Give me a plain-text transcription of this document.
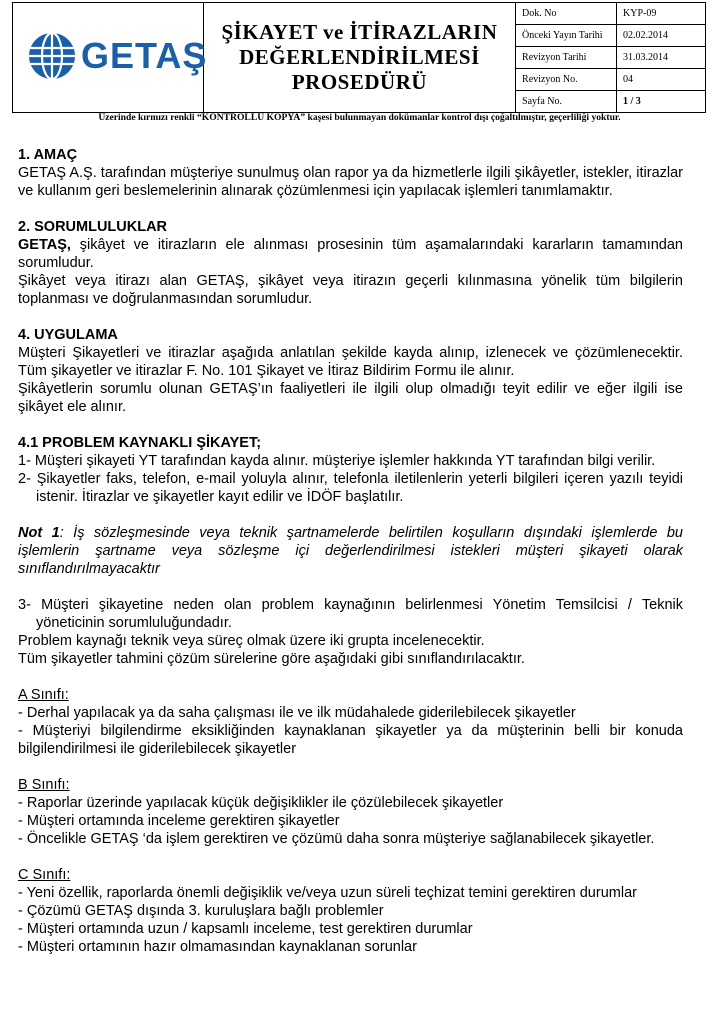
GETAŞ

ŞİKAYET ve İTİRAZLARIN
DEĞERLENDİRİLMESİ
PROSEDÜRÜ

Dok. No	KYP-09
Önceki Yayın Tarihi	02.02.2014
Revizyon Tarihi	31.03.2014
Revizyon No.	04
Sayfa No.	1 / 3
Üzerinde kırmızı renkli “KONTROLLÜ KOPYA” kaşesi bulunmayan dokümanlar kontrol dışı çoğaltılmıştır, geçerliliği yoktur.

1. AMAÇ

GETAŞ A.Ş. tarafından müşteriye sunulmuş olan rapor ya da hizmetlerle ilgili şikâyetler, istekler, itirazlar ve kullanım geri beslemelerinin alınarak çözümlenmesi için yapılacak işlemleri tanımlamaktır.

2. SORUMLULUKLAR

GETAŞ, şikâyet ve itirazların ele alınması prosesinin tüm aşamalarındaki kararların tamamından sorumludur.

Şikâyet veya itirazı alan GETAŞ, şikâyet veya itirazın geçerli kılınmasına yönelik tüm bilgilerin toplanması ve doğrulanmasından sorumludur.

4. UYGULAMA

Müşteri Şikayetleri ve itirazlar aşağıda anlatılan şekilde kayda alınıp, izlenecek ve çözümlenecektir. Tüm şikayetler ve itirazlar F. No. 101 Şikayet ve İtiraz Bildirim Formu ile alınır.

Şikâyetlerin sorumlu olunan GETAŞ’ın faaliyetleri ile ilgili olup olmadığı teyit edilir ve eğer ilgili ise şikâyet ele alınır.

4.1 PROBLEM KAYNAKLI ŞİKAYET;

1- Müşteri şikayeti YT tarafından kayda alınır. müşteriye işlemler hakkında YT tarafından bilgi verilir.

2- Şikayetler faks, telefon, e-mail yoluyla alınır, telefonla iletilenlerin yeterli bilgileri içeren yazılı teyidi istenir. İtirazlar ve şikayetler kayıt edilir ve İDÖF başlatılır.

Not 1: İş sözleşmesinde veya teknik şartnamelerde belirtilen koşulların dışındaki işlemlerde bu işlemlerin şartname veya sözleşme içi değerlendirilmesi istekleri müşteri şikayeti olarak sınıflandırılmayacaktır

3- Müşteri şikayetine neden olan problem kaynağının belirlenmesi Yönetim Temsilcisi / Teknik yöneticinin sorumluluğundadır.

Problem kaynağı teknik veya süreç olmak üzere iki grupta incelenecektir.

Tüm şikayetler tahmini çözüm sürelerine göre aşağıdaki gibi sınıflandırılacaktır.

A Sınıfı:

- Derhal yapılacak ya da saha çalışması ile ve ilk müdahalede giderilebilecek şikayetler

- Müşteriyi bilgilendirme eksikliğinden kaynaklanan şikayetler ya da müşterinin belli bir konuda bilgilendirilmesi ile giderilebilecek şikayetler

B Sınıfı:

- Raporlar üzerinde yapılacak küçük değişiklikler ile çözülebilecek şikayetler

- Müşteri ortamında inceleme gerektiren şikayetler

- Öncelikle GETAŞ ‘da işlem gerektiren ve çözümü daha sonra müşteriye sağlanabilecek şikayetler.

C Sınıfı:

- Yeni özellik, raporlarda önemli değişiklik ve/veya uzun süreli teçhizat temini gerektiren durumlar

- Çözümü GETAŞ dışında 3. kuruluşlara bağlı problemler

- Müşteri ortamında uzun / kapsamlı inceleme, test gerektiren durumlar

- Müşteri ortamının hazır olmamasından kaynaklanan sorunlar
